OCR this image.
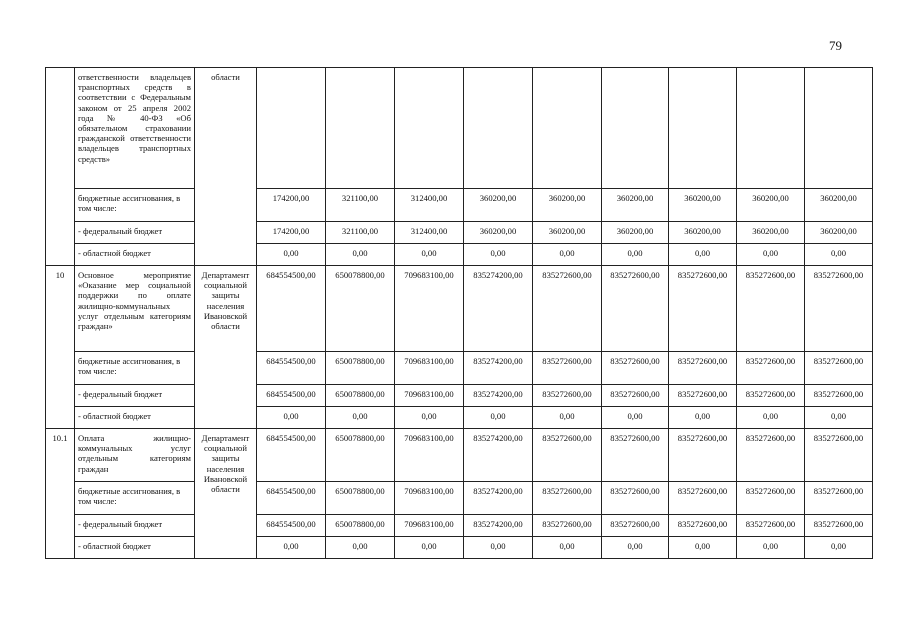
79
	ответственности владельцев транспортных средств в соответствии с Федеральным законом от 25 апреля 2002 года № 40-ФЗ «Об обязательном страховании гражданской ответственности владельцев транспортных средств»	области									
	бюджетные ассигнования, в том числе:		174200,00	321100,00	312400,00	360200,00	360200,00	360200,00	360200,00	360200,00	360200,00
	- федеральный бюджет		174200,00	321100,00	312400,00	360200,00	360200,00	360200,00	360200,00	360200,00	360200,00
	- областной бюджет		0,00	0,00	0,00	0,00	0,00	0,00	0,00	0,00	0,00
10	Основное мероприятие «Оказание мер социальной поддержки по оплате жилищно-коммунальных услуг отдельным категориям граждан»	Департамент социальной защиты населения Ивановской области	684554500,00	650078800,00	709683100,00	835274200,00	835272600,00	835272600,00	835272600,00	835272600,00	835272600,00
	бюджетные ассигнования, в том числе:		684554500,00	650078800,00	709683100,00	835274200,00	835272600,00	835272600,00	835272600,00	835272600,00	835272600,00
	- федеральный бюджет		684554500,00	650078800,00	709683100,00	835274200,00	835272600,00	835272600,00	835272600,00	835272600,00	835272600,00
	- областной бюджет		0,00	0,00	0,00	0,00	0,00	0,00	0,00	0,00	0,00
10.1	Оплата жилищно-коммунальных услуг отдельным категориям граждан	Департамент социальной защиты населения Ивановской области	684554500,00	650078800,00	709683100,00	835274200,00	835272600,00	835272600,00	835272600,00	835272600,00	835272600,00
	бюджетные ассигнования, в том числе:		684554500,00	650078800,00	709683100,00	835274200,00	835272600,00	835272600,00	835272600,00	835272600,00	835272600,00
	- федеральный бюджет		684554500,00	650078800,00	709683100,00	835274200,00	835272600,00	835272600,00	835272600,00	835272600,00	835272600,00
	- областной бюджет		0,00	0,00	0,00	0,00	0,00	0,00	0,00	0,00	0,00
